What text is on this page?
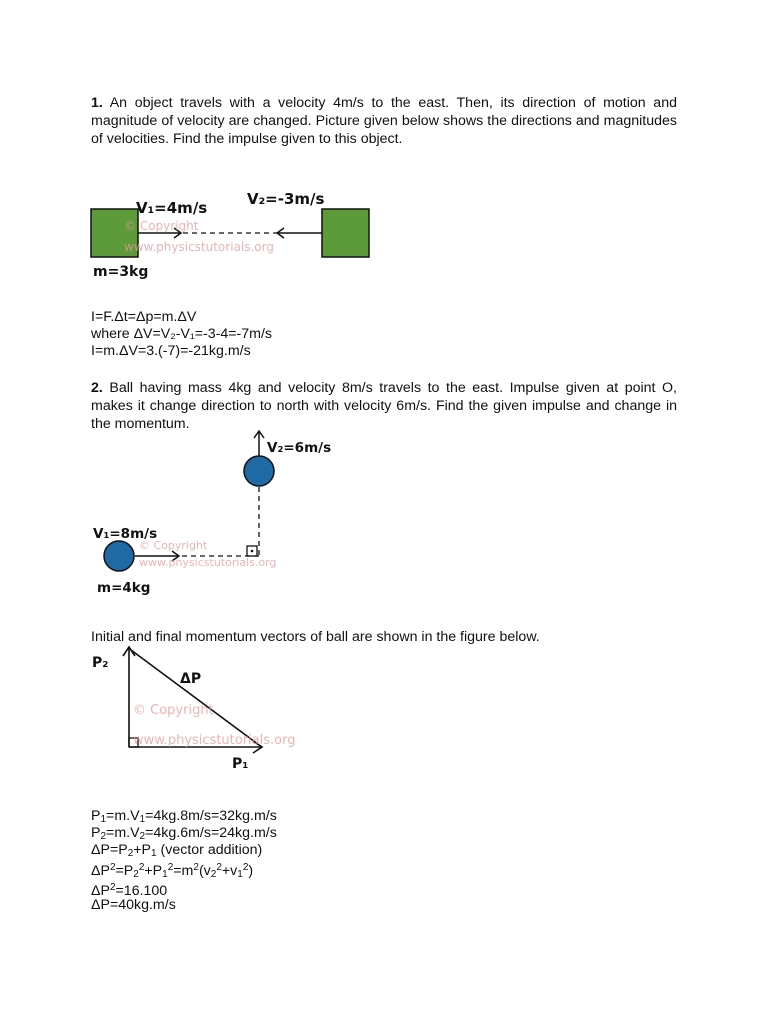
1. An object travels with a velocity 4m/s to the east. Then, its direction of motion and magnitude of velocity are changed. Picture given below shows the directions and magnitudes of velocities. Find the impulse given to this object.

V₁=4m/s	V₂=-3m/s
m=3kg
© Copyright
www.physicstutorials.org

I=F.Δt=Δp=m.ΔV

where ΔV=V₂-V₁=-3-4=-7m/s

I=m.ΔV=3.(-7)=-21kg.m/s

2. Ball having mass 4kg and velocity 8m/s travels to the east. Impulse given at point O, makes it change direction to north with velocity 6m/s. Find the given impulse and change in the momentum.

V₂=6m/s
V₁=8m/s
m=4kg
© Copyright
www.physicstutorials.org

Initial and final momentum vectors of ball are shown in the figure below.

P₂
ΔP
P₁
© Copyright
www.physicstutorials.org
$P_1=m.V_1=4kg.8m/s=32kg.m/s$
$P_2=m.V_2=4kg.6m/s=24kg.m/s$
$\Delta P=P_2+P_1$ (vector addition)
$\Delta P^2=P_2^2+P_1^2=m^2(v_2^2+v_1^2)$
$\Delta P^2=16.100$
ΔP=40kg.m/s
